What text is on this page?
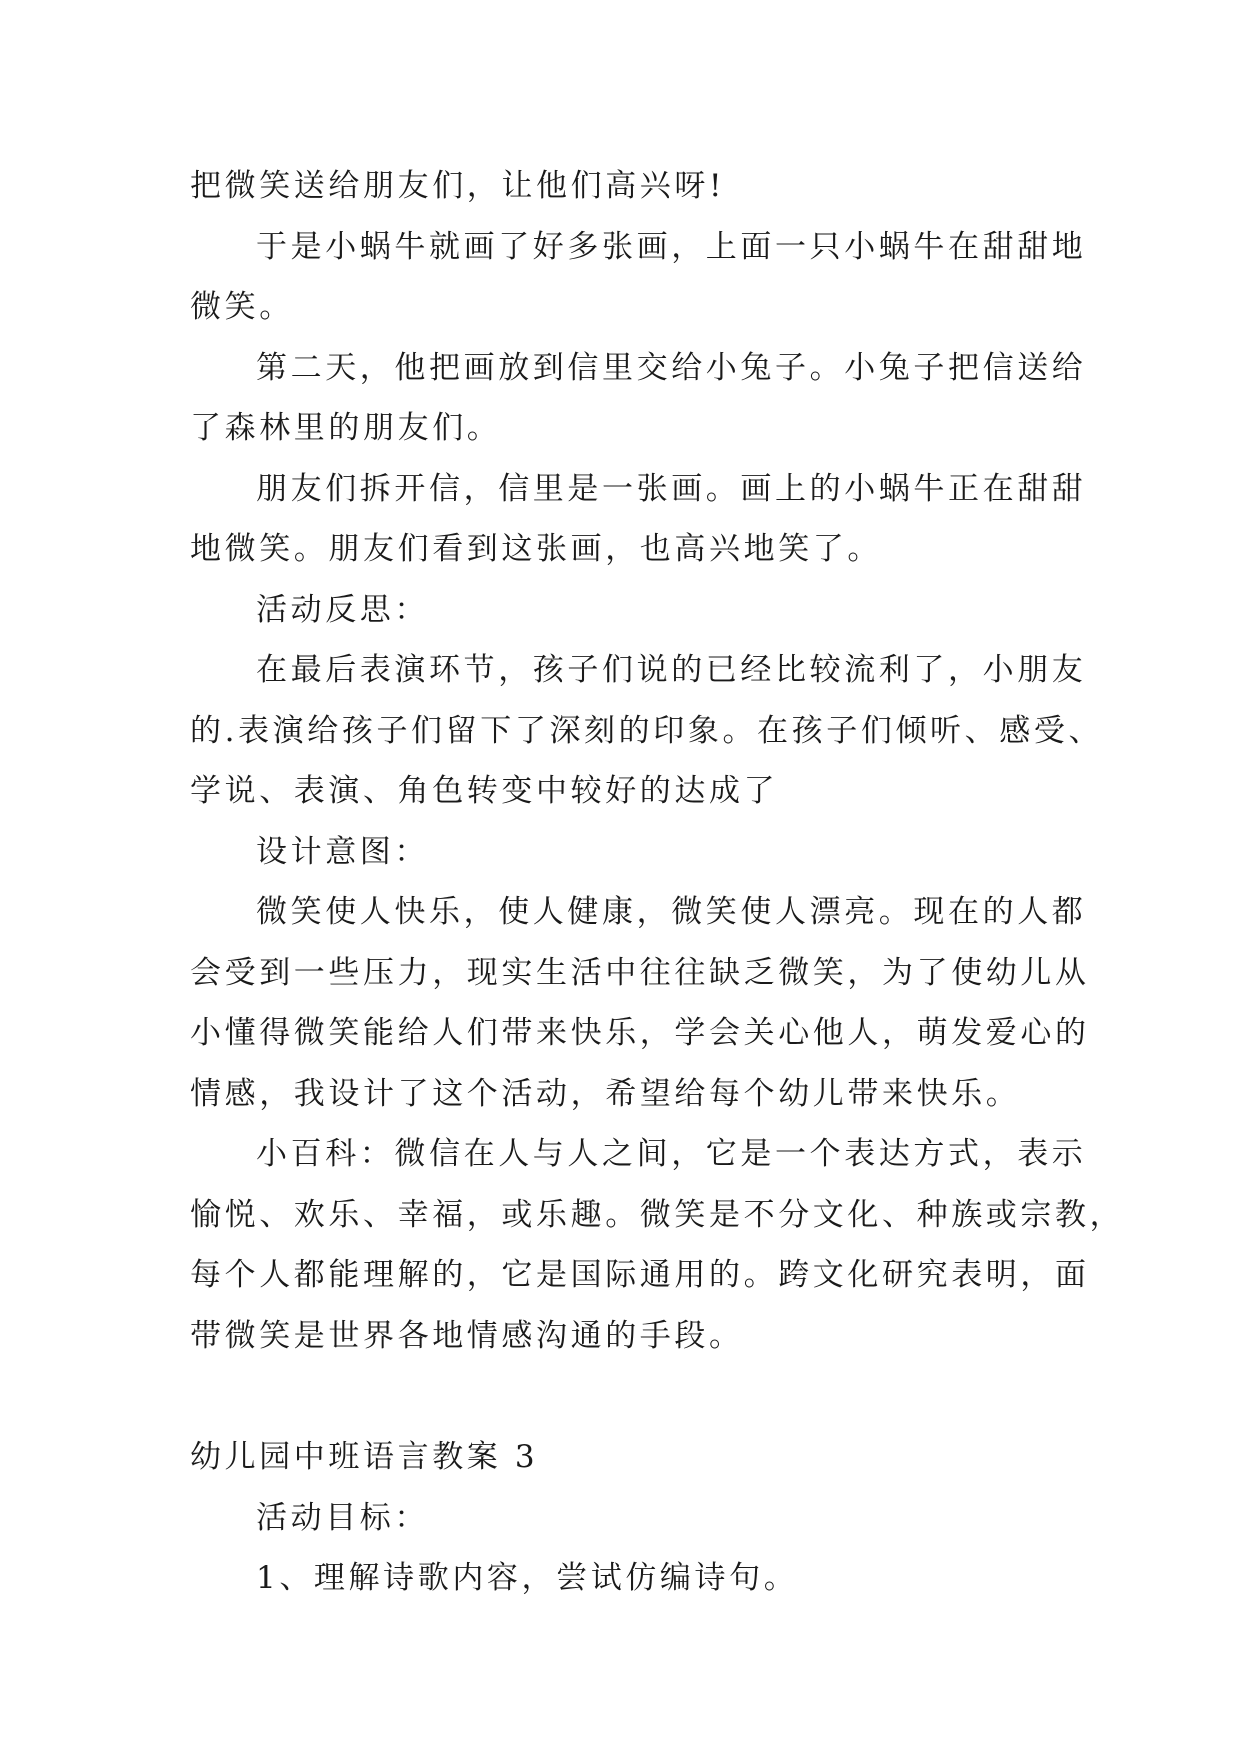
把微笑送给朋友们，让他们高兴呀!
于是小蜗牛就画了好多张画，上面一只小蜗牛在甜甜地
微笑。
第二天，他把画放到信里交给小兔子。小兔子把信送给
了森林里的朋友们。
朋友们拆开信，信里是一张画。画上的小蜗牛正在甜甜
地微笑。朋友们看到这张画，也高兴地笑了。
活动反思：
在最后表演环节，孩子们说的已经比较流利了，小朋友
的.表演给孩子们留下了深刻的印象。在孩子们倾听、感受、
学说、表演、角色转变中较好的达成了
设计意图：
微笑使人快乐，使人健康，微笑使人漂亮。现在的人都
会受到一些压力，现实生活中往往缺乏微笑，为了使幼儿从
小懂得微笑能给人们带来快乐，学会关心他人，萌发爱心的
情感，我设计了这个活动，希望给每个幼儿带来快乐。
小百科：微信在人与人之间，它是一个表达方式，表示
愉悦、欢乐、幸福，或乐趣。微笑是不分文化、种族或宗教，
每个人都能理解的，它是国际通用的。跨文化研究表明，面
带微笑是世界各地情感沟通的手段。
幼儿园中班语言教案 3
活动目标：
1、理解诗歌内容，尝试仿编诗句。
